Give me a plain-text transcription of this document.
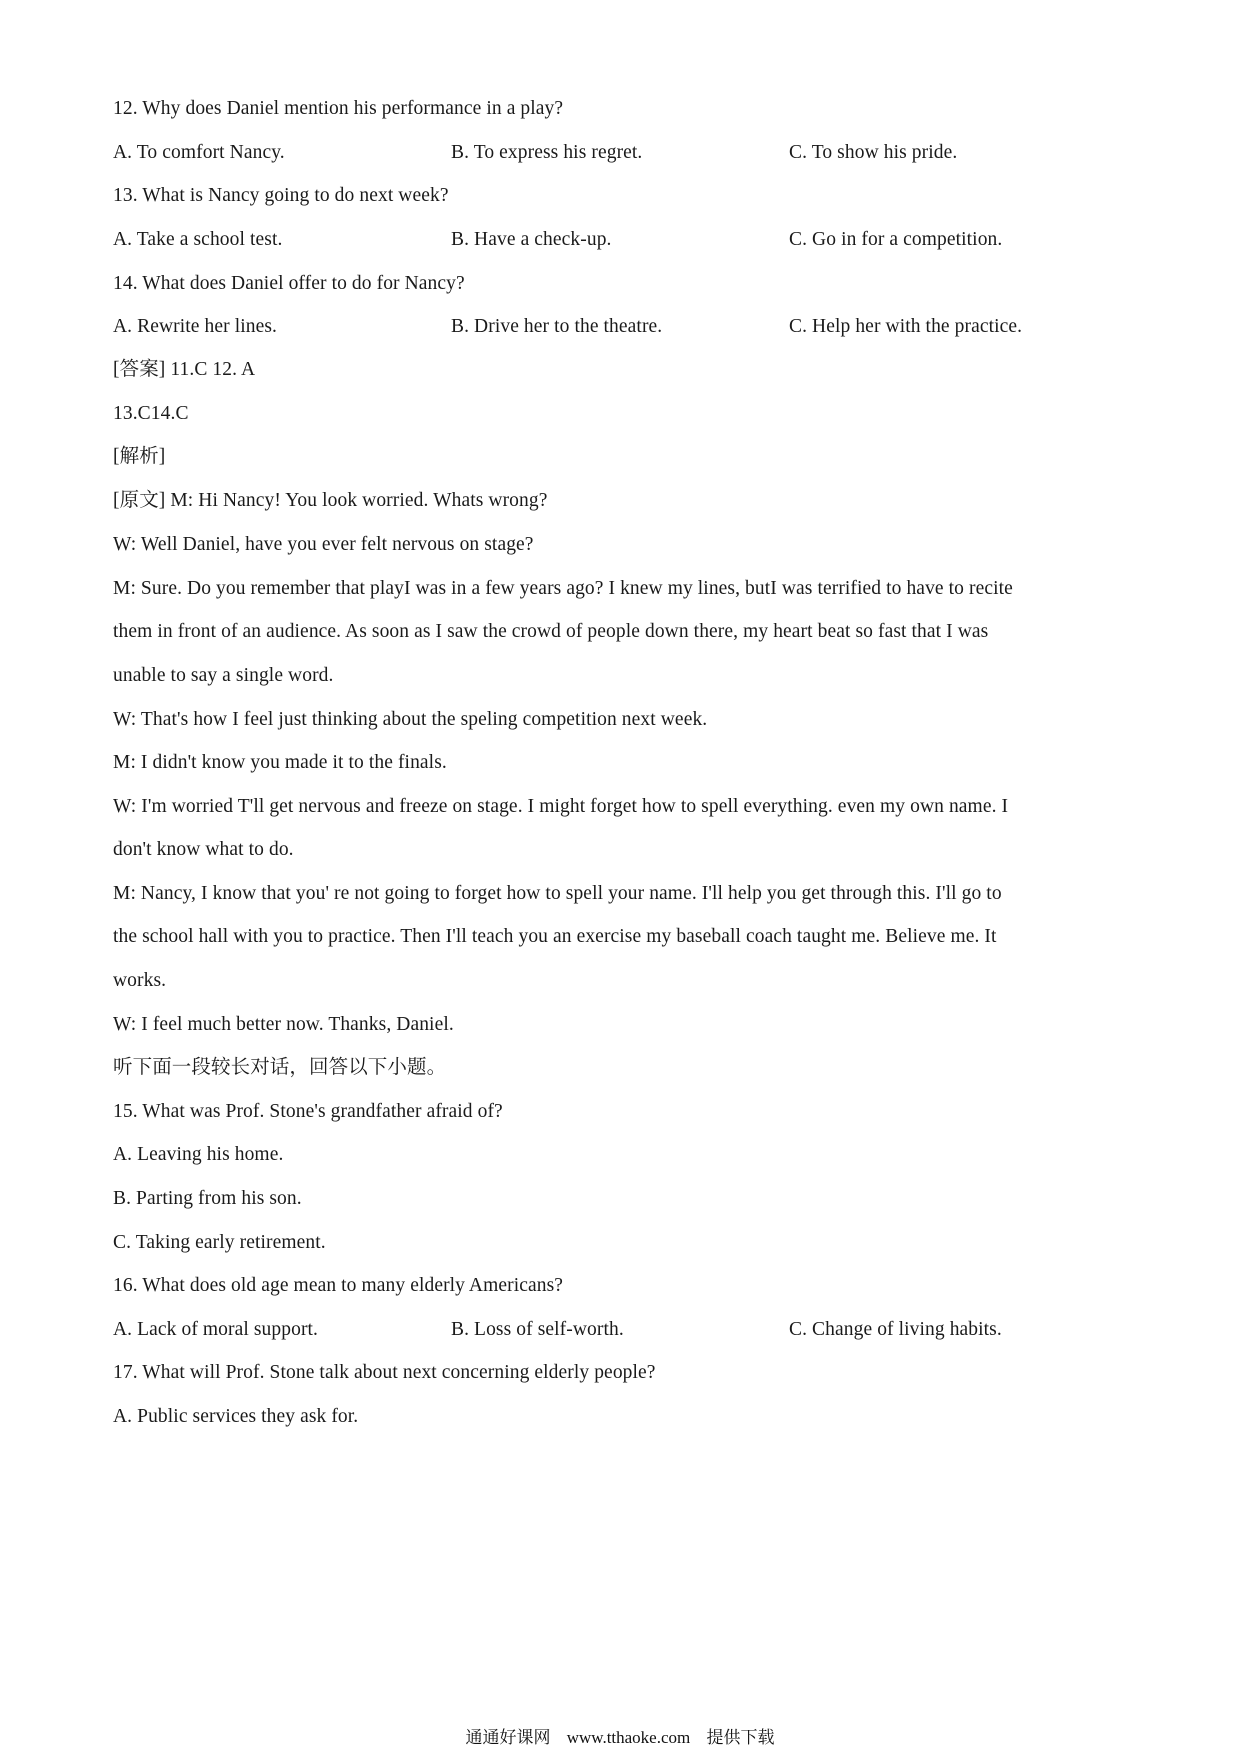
12. Why does Daniel mention his performance in a play?
A. To comfort Nancy.	B. To express his regret.	C. To show his pride.
13. What is Nancy going to do next week?
A. Take a school test.	B. Have a check-up.	C. Go in for a competition.
14. What does Daniel offer to do for Nancy?
A. Rewrite her lines.	B. Drive her to the theatre.	C. Help her with the practice.
[答案] 11.C 12. A
13.C14.C
[解析]
[原文] M: Hi Nancy! You look worried. Whats wrong?
W: Well Daniel, have you ever felt nervous on stage?
M: Sure. Do you remember that playI was in a few years ago? I knew my lines, butI was terrified to have to recite
them in front of an audience. As soon as I saw the crowd of people down there, my heart beat so fast that I was
unable to say a single word.
W: That's how I feel just thinking about the speling competition next week.
M: I didn't know you made it to the finals.
W: I'm worried T'll get nervous and freeze on stage. I might forget how to spell everything. even my own name. I
don't know what to do.
M: Nancy, I know that you' re not going to forget how to spell your name. I'll help you get through this. I'll go to
the school hall with you to practice. Then I'll teach you an exercise my baseball coach taught me. Believe me. It
works.
W: I feel much better now. Thanks, Daniel.
听下面一段较长对话，回答以下小题。
15. What was Prof. Stone's grandfather afraid of?
A. Leaving his home.
B. Parting from his son.
C. Taking early retirement.
16. What does old age mean to many elderly Americans?
A. Lack of moral support.	B. Loss of self-worth.	C. Change of living habits.
17. What will Prof. Stone talk about next concerning elderly people?
A. Public services they ask for.
通通好课网 www.tthaoke.com 提供下载
